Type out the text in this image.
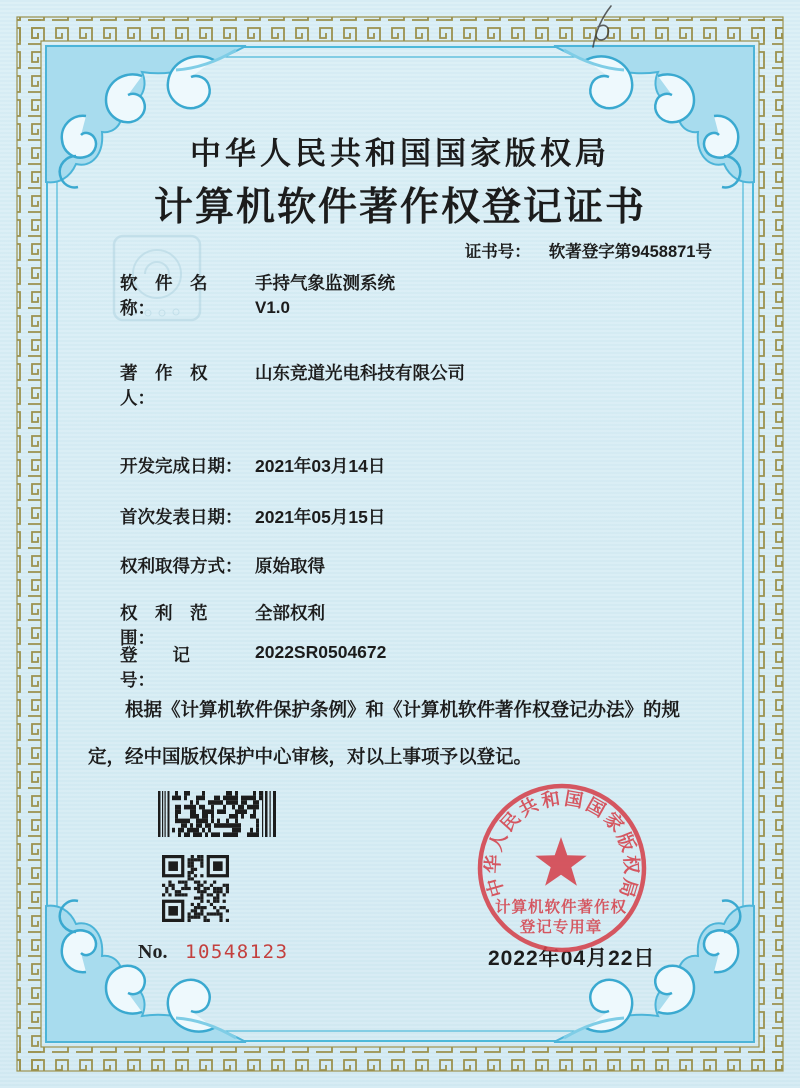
中华人民共和国国家版权局
计算机软件著作权登记证书
证书号： 软著登字第9458871号
软　件　名　称：
手持气象监测系统
V1.0
著　作　权　人：
山东竞道光电科技有限公司
开发完成日期： 2021年03月14日
首次发表日期： 2021年05月15日
权利取得方式： 原始取得
权　利　范　围：
全部权利
登　　记　　号：
2022SR0504672

根据《计算机软件保护条例》和《计算机软件著作权登记办法》的规定，经中国版权保护中心审核，对以上事项予以登记。

No. 10548123	2022年04月22日
中华人民共和国国家版权局
计算机软件著作权
登记专用章
